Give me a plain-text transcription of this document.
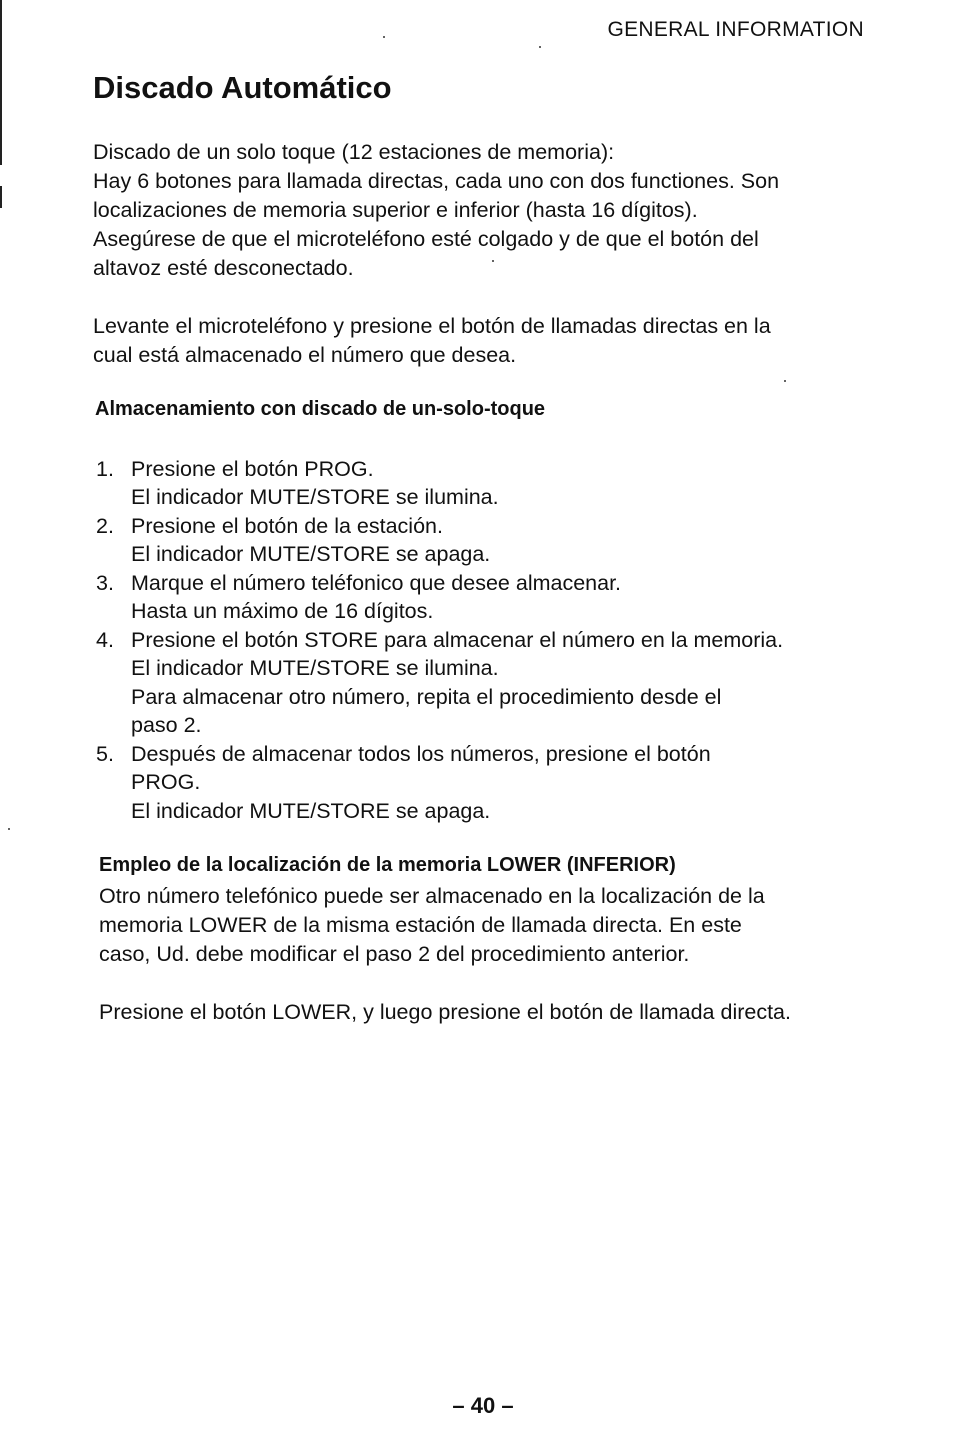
GENERAL INFORMATION
Discado Automático
Discado de un solo toque (12 estaciones de memoria):
Hay 6 botones para llamada directas, cada uno con dos functiones. Son
localizaciones de memoria superior e inferior (hasta 16 dígitos).
Asegúrese de que el microteléfono esté colgado y de que el botón del
altavoz esté desconectado.
Levante el microteléfono y presione el botón de llamadas directas en la
cual está almacenado el número que desea.
Almacenamiento con discado de un-solo-toque
1. Presione el botón PROG.
El indicador MUTE/STORE se ilumina.
2. Presione el botón de la estación.
El indicador MUTE/STORE se apaga.
3. Marque el número teléfonico que desee almacenar.
Hasta un máximo de 16 dígitos.
4. Presione el botón STORE para almacenar el número en la memoria.
El indicador MUTE/STORE se ilumina.
Para almacenar otro número, repita el procedimiento desde el
paso 2.
5. Después de almacenar todos los números, presione el botón
PROG.
El indicador MUTE/STORE se apaga.
Empleo de la localización de la memoria LOWER (INFERIOR)
Otro número telefónico puede ser almacenado en la localización de la
memoria LOWER de la misma estación de llamada directa. En este
caso, Ud. debe modificar el paso 2 del procedimiento anterior.
Presione el botón LOWER, y luego presione el botón de llamada directa.
– 40 –
